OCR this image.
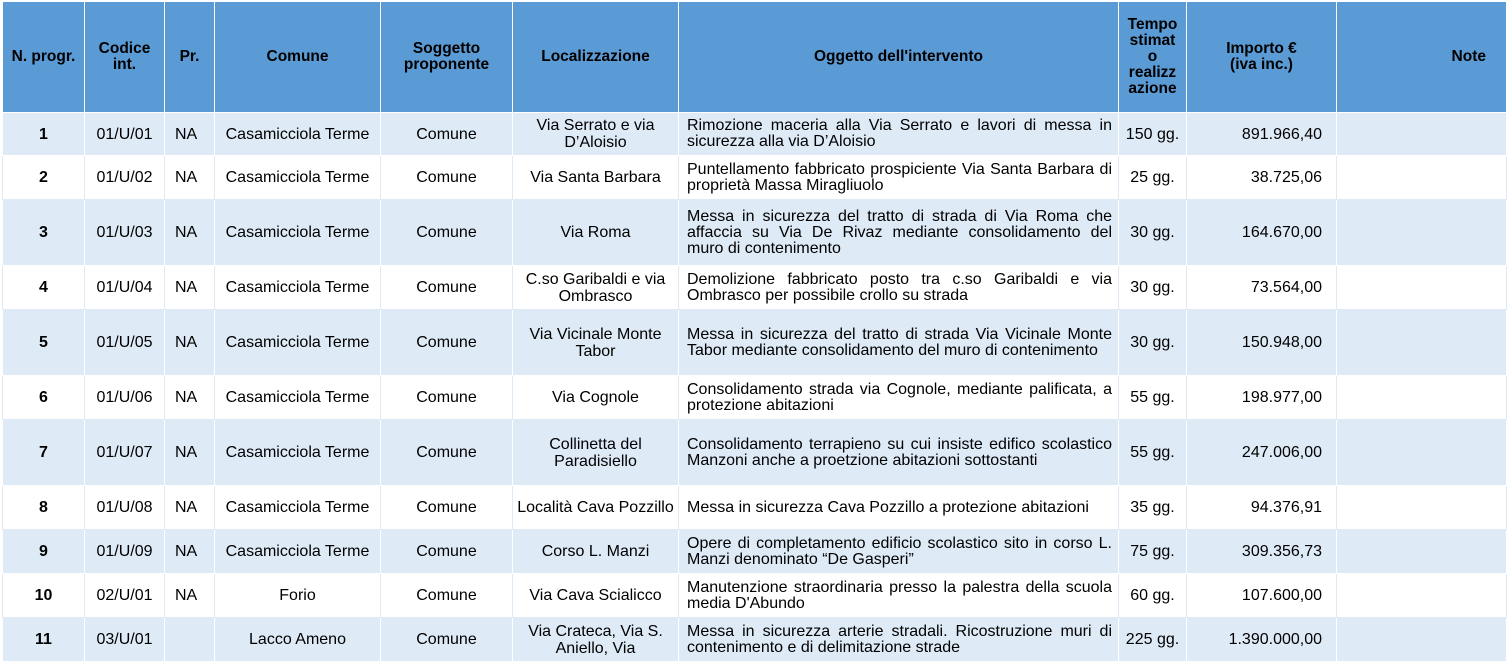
N. progr.	Codice int.	Pr.	Comune	Soggetto proponente	Localizzazione	Oggetto dell'intervento	Tempo stimat o realizz azione	Importo € (iva inc.)	Note
1	01/U/01	NA	Casamicciola Terme	Comune	Via Serrato e via D’Aloisio	Rimozione maceria alla Via Serrato e lavori di messa in sicurezza alla via D’Aloisio	150 gg.	891.966,40	
2	01/U/02	NA	Casamicciola Terme	Comune	Via Santa Barbara	Puntellamento fabbricato prospiciente Via Santa Barbara di proprietà Massa Miragliuolo	25 gg.	38.725,06	
3	01/U/03	NA	Casamicciola Terme	Comune	Via Roma	Messa in sicurezza del tratto di strada di Via Roma che affaccia su Via De Rivaz mediante consolidamento del muro di contenimento	30 gg.	164.670,00	
4	01/U/04	NA	Casamicciola Terme	Comune	C.so Garibaldi e via Ombrasco	Demolizione fabbricato posto tra c.so Garibaldi e via Ombrasco per possibile crollo su strada	30 gg.	73.564,00	
5	01/U/05	NA	Casamicciola Terme	Comune	Via Vicinale Monte Tabor	Messa in sicurezza del tratto di strada Via Vicinale Monte Tabor mediante consolidamento del muro di contenimento	30 gg.	150.948,00	
6	01/U/06	NA	Casamicciola Terme	Comune	Via Cognole	Consolidamento strada via Cognole, mediante palificata, a protezione abitazioni	55 gg.	198.977,00	
7	01/U/07	NA	Casamicciola Terme	Comune	Collinetta del Paradisiello	Consolidamento terrapieno su cui insiste edifico scolastico Manzoni anche a proetzione abitazioni sottostanti	55 gg.	247.006,00	
8	01/U/08	NA	Casamicciola Terme	Comune	Località Cava Pozzillo	Messa in sicurezza Cava Pozzillo a protezione abitazioni	35 gg.	94.376,91	
9	01/U/09	NA	Casamicciola Terme	Comune	Corso L. Manzi	Opere di completamento edificio scolastico sito in corso L. Manzi denominato “De Gasperi”	75 gg.	309.356,73	
10	02/U/01	NA	Forio	Comune	Via Cava Scialicco	Manutenzione straordinaria presso la palestra della scuola media D'Abundo	60 gg.	107.600,00	
11	03/U/01		Lacco Ameno	Comune	Via Crateca, Via S. Aniello, Via	Messa in sicurezza arterie stradali. Ricostruzione muri di contenimento e di delimitazione strade	225 gg.	1.390.000,00	
